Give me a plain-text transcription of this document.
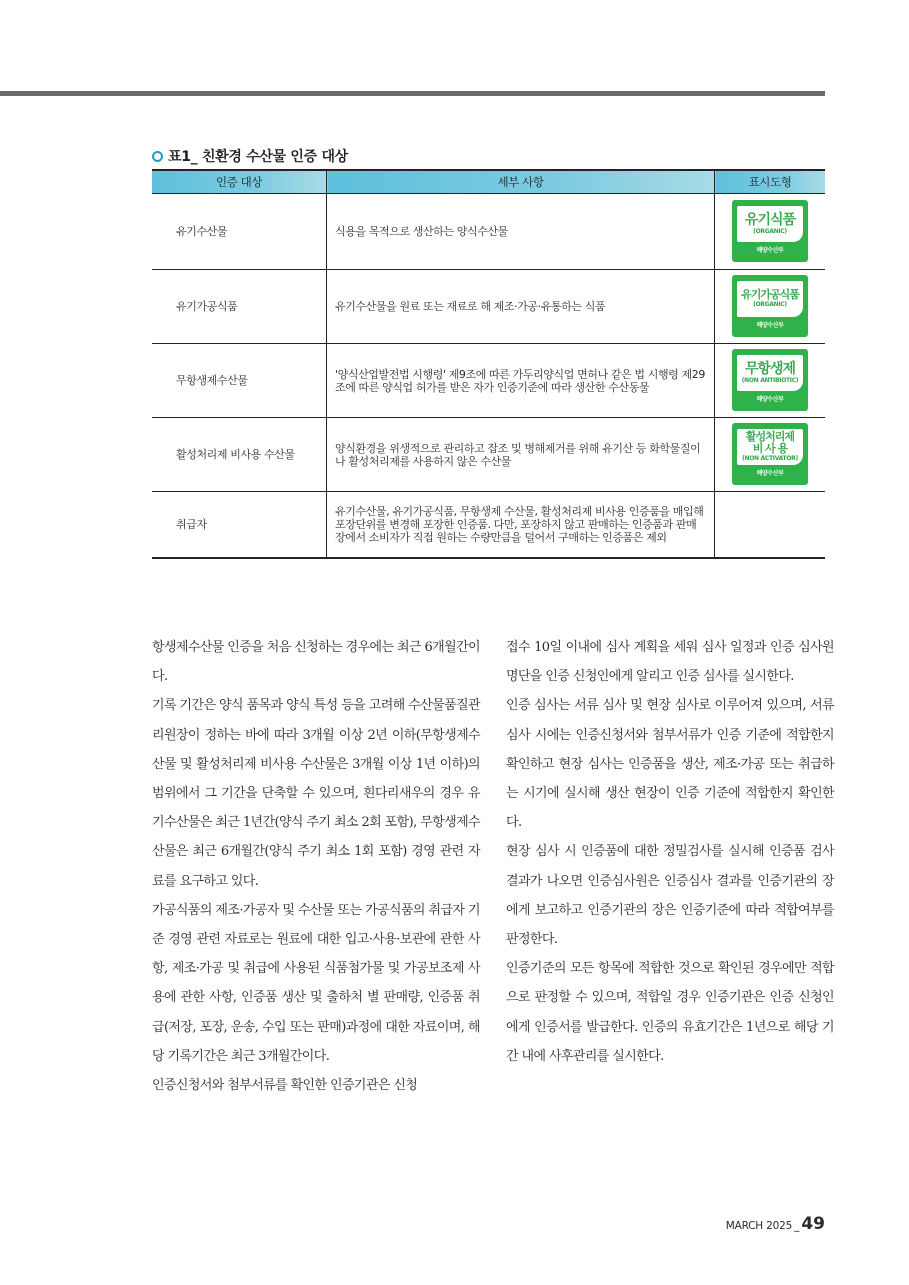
표1_ 친환경 수산물 인증 대상
인증 대상	세부 사항	표시도형
유기수산물	식용을 목적으로 생산하는 양식수산물	유기식품
(ORGANIC)
해양수산부

유기가공식품	유기수산물을 원료 또는 재료로 해 제조·가공·유통하는 식품	유기가공식품
(ORGANIC)
해양수산부

무항생제수산물	'양식산업발전법 시행령' 제9조에 따른 가두리양식업 면허나 같은 법 시행령 제29조에 따른 양식업 허가를 받은 자가 인증기준에 따라 생산한 수산동물	무항생제
(NON ANTIBIOTIC)
해양수산부

활성처리제 비사용 수산물	양식환경을 위생적으로 관리하고 잡조 및 병해제거를 위해 유기산 등 화학물질이나 활성처리제를 사용하지 않은 수산물	활성처리제
비 사 용
(NON ACTIVATOR)
해양수산부

취급자	유기수산물, 유기가공식품, 무항생제 수산물, 활성처리제 비사용 인증품을 매입해 포장단위를 변경해 포장한 인증품. 다만, 포장하지 않고 판매하는 인증품과 판매장에서 소비자가 직접 원하는 수량만큼을 덜어서 구매하는 인증품은 제외	

항생제수산물 인증을 처음 신청하는 경우에는 최근 6개월간이다.

기록 기간은 양식 품목과 양식 특성 등을 고려해 수산물품질관리원장이 정하는 바에 따라 3개월 이상 2년 이하(무항생제수산물 및 활성처리제 비사용 수산물은 3개월 이상 1년 이하)의 범위에서 그 기간을 단축할 수 있으며, 흰다리새우의 경우 유기수산물은 최근 1년간(양식 주기 최소 2회 포함), 무항생제수산물은 최근 6개월간(양식 주기 최소 1회 포함) 경영 관련 자료를 요구하고 있다.

가공식품의 제조·가공자 및 수산물 또는 가공식품의 취급자 기준 경영 관련 자료로는 원료에 대한 입고·사용·보관에 관한 사항, 제조·가공 및 취급에 사용된 식품첨가물 및 가공보조제 사용에 관한 사항, 인증품 생산 및 출하처 별 판매량, 인증품 취급(저장, 포장, 운송, 수입 또는 판매)과정에 대한 자료이며, 해당 기록기간은 최근 3개월간이다.

인증신청서와 첨부서류를 확인한 인증기관은 신청

접수 10일 이내에 심사 계획을 세워 심사 일정과 인증 심사원 명단을 인증 신청인에게 알리고 인증 심사를 실시한다.

인증 심사는 서류 심사 및 현장 심사로 이루어져 있으며, 서류 심사 시에는 인증신청서와 첨부서류가 인증 기준에 적합한지 확인하고 현장 심사는 인증품을 생산, 제조·가공 또는 취급하는 시기에 실시해 생산 현장이 인증 기준에 적합한지 확인한다.

현장 심사 시 인증품에 대한 정밀검사를 실시해 인증품 검사 결과가 나오면 인증심사원은 인증심사 결과를 인증기관의 장에게 보고하고 인증기관의 장은 인증기준에 따라 적합여부를 판정한다.

인증기준의 모든 항목에 적합한 것으로 확인된 경우에만 적합으로 판정할 수 있으며, 적합일 경우 인증기관은 인증 신청인에게 인증서를 발급한다. 인증의 유효기간은 1년으로 해당 기간 내에 사후관리를 실시한다.

MARCH 2025 _ 49
